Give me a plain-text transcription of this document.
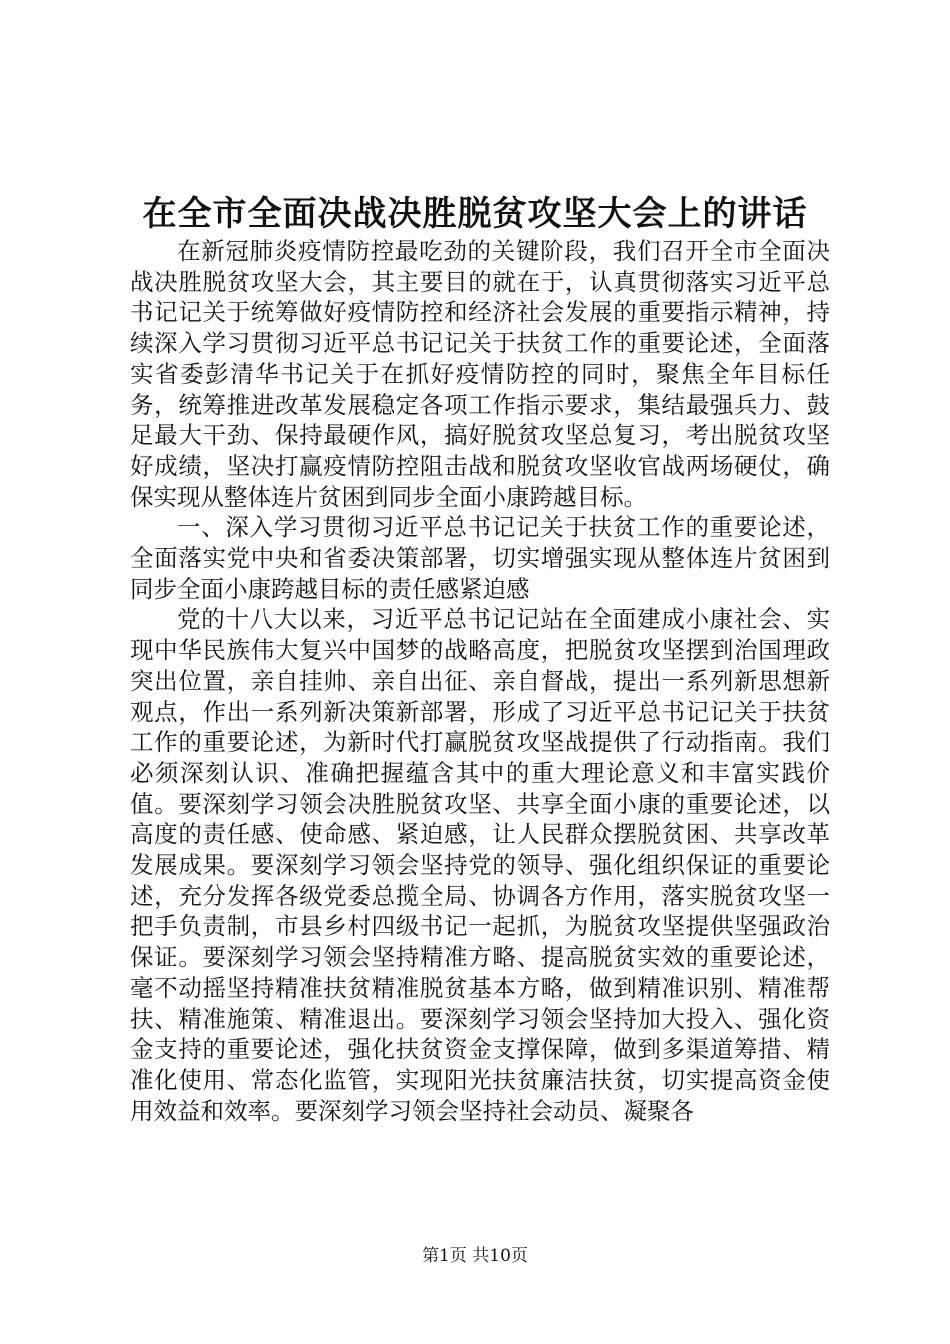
在全市全面决战决胜脱贫攻坚大会上的讲话

在新冠肺炎疫情防控最吃劲的关键阶段，我们召开全市全面决战决胜脱贫攻坚大会，其主要目的就在于，认真贯彻落实习近平总书记记关于统筹做好疫情防控和经济社会发展的重要指示精神，持续深入学习贯彻习近平总书记记关于扶贫工作的重要论述，全面落实省委彭清华书记关于在抓好疫情防控的同时，聚焦全年目标任务，统筹推进改革发展稳定各项工作指示要求，集结最强兵力、鼓足最大干劲、保持最硬作风，搞好脱贫攻坚总复习，考出脱贫攻坚好成绩，坚决打赢疫情防控阻击战和脱贫攻坚收官战两场硬仗，确保实现从整体连片贫困到同步全面小康跨越目标。

一、深入学习贯彻习近平总书记记关于扶贫工作的重要论述，全面落实党中央和省委决策部署，切实增强实现从整体连片贫困到同步全面小康跨越目标的责任感紧迫感

党的十八大以来，习近平总书记记站在全面建成小康社会、实现中华民族伟大复兴中国梦的战略高度，把脱贫攻坚摆到治国理政突出位置，亲自挂帅、亲自出征、亲自督战，提出一系列新思想新观点，作出一系列新决策新部署，形成了习近平总书记记关于扶贫工作的重要论述，为新时代打赢脱贫攻坚战提供了行动指南。我们必须深刻认识、准确把握蕴含其中的重大理论意义和丰富实践价值。要深刻学习领会决胜脱贫攻坚、共享全面小康的重要论述，以高度的责任感、使命感、紧迫感，让人民群众摆脱贫困、共享改革发展成果。要深刻学习领会坚持党的领导、强化组织保证的重要论述，充分发挥各级党委总揽全局、协调各方作用，落实脱贫攻坚一把手负责制，市县乡村四级书记一起抓，为脱贫攻坚提供坚强政治保证。要深刻学习领会坚持精准方略、提高脱贫实效的重要论述，毫不动摇坚持精准扶贫精准脱贫基本方略，做到精准识别、精准帮扶、精准施策、精准退出。要深刻学习领会坚持加大投入、强化资金支持的重要论述，强化扶贫资金支撑保障，做到多渠道筹措、精准化使用、常态化监管，实现阳光扶贫廉洁扶贫，切实提高资金使用效益和效率。要深刻学习领会坚持社会动员、凝聚各

第1页 共10页
